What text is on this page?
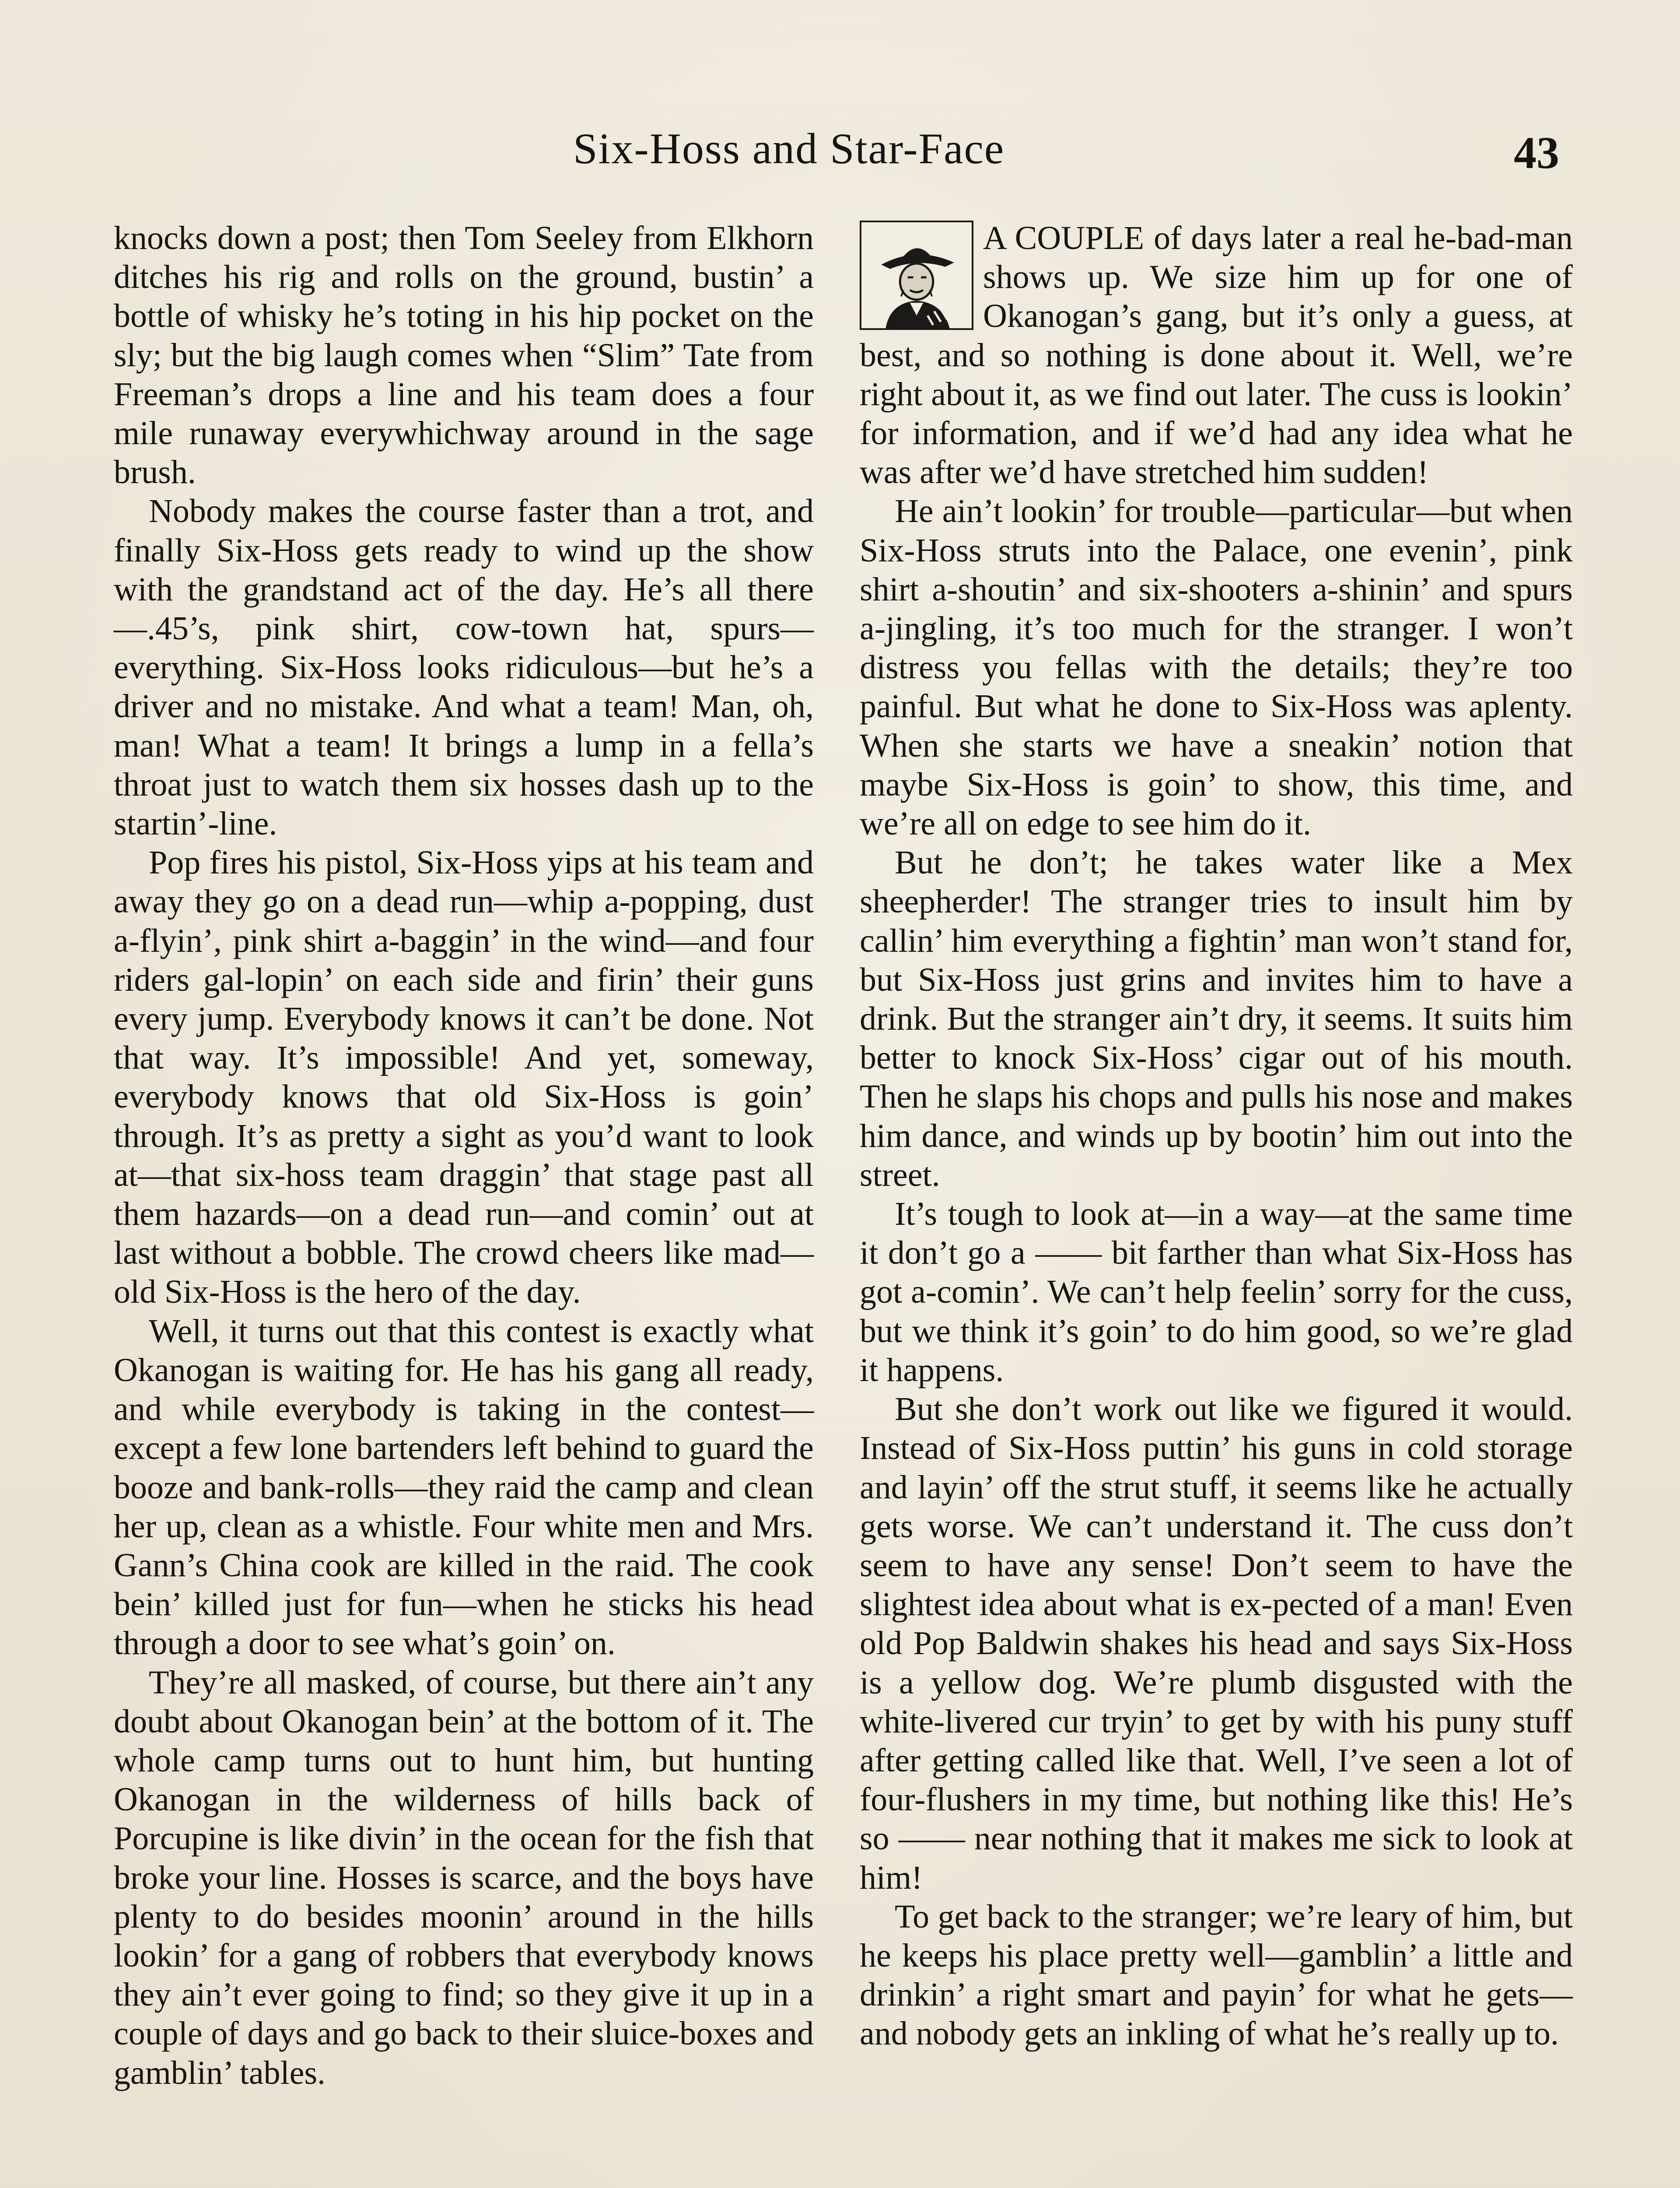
Six-Hoss and Star-Face	43

knocks down a post; then Tom Seeley from Elkhorn ditches his rig and rolls on the ground, bustin’ a bottle of whisky he’s toting in his hip pocket on the sly; but the big laugh comes when “Slim” Tate from Freeman’s drops a line and his team does a four mile runaway everywhichway around in the sage brush.

Nobody makes the course faster than a trot, and finally Six-Hoss gets ready to wind up the show with the grandstand act of the day. He’s all there—.45’s, pink shirt, cow-town hat, spurs—everything. Six-Hoss looks ridiculous—but he’s a driver and no mistake. And what a team! Man, oh, man! What a team! It brings a lump in a fella’s throat just to watch them six hosses dash up to the startin’-line.

Pop fires his pistol, Six-Hoss yips at his team and away they go on a dead run—whip a-popping, dust a-flyin’, pink shirt a-baggin’ in the wind—and four riders gal-lopin’ on each side and firin’ their guns every jump. Everybody knows it can’t be done. Not that way. It’s impossible! And yet, someway, everybody knows that old Six-Hoss is goin’ through. It’s as pretty a sight as you’d want to look at—that six-hoss team draggin’ that stage past all them hazards—on a dead run—and comin’ out at last without a bobble. The crowd cheers like mad—old Six-Hoss is the hero of the day.

Well, it turns out that this contest is exactly what Okanogan is waiting for. He has his gang all ready, and while everybody is taking in the contest—except a few lone bartenders left behind to guard the booze and bank-rolls—they raid the camp and clean her up, clean as a whistle. Four white men and Mrs. Gann’s China cook are killed in the raid. The cook bein’ killed just for fun—when he sticks his head through a door to see what’s goin’ on.

They’re all masked, of course, but there ain’t any doubt about Okanogan bein’ at the bottom of it. The whole camp turns out to hunt him, but hunting Okanogan in the wilderness of hills back of Porcupine is like divin’ in the ocean for the fish that broke your line. Hosses is scarce, and the boys have plenty to do besides moonin’ around in the hills lookin’ for a gang of robbers that everybody knows they ain’t ever going to find; so they give it up in a couple of days and go back to their sluice-boxes and gamblin’ tables.

A COUPLE of days later a real he-bad-man shows up. We size him up for one of Okanogan’s gang, but it’s only a guess, at best, and so nothing is done about it. Well, we’re right about it, as we find out later. The cuss is lookin’ for information, and if we’d had any idea what he was after we’d have stretched him sudden!

He ain’t lookin’ for trouble—particular—but when Six-Hoss struts into the Palace, one evenin’, pink shirt a-shoutin’ and six-shooters a-shinin’ and spurs a-jingling, it’s too much for the stranger. I won’t distress you fellas with the details; they’re too painful. But what he done to Six-Hoss was aplenty. When she starts we have a sneakin’ notion that maybe Six-Hoss is goin’ to show, this time, and we’re all on edge to see him do it.

But he don’t; he takes water like a Mex sheepherder! The stranger tries to insult him by callin’ him everything a fightin’ man won’t stand for, but Six-Hoss just grins and invites him to have a drink. But the stranger ain’t dry, it seems. It suits him better to knock Six-Hoss’ cigar out of his mouth. Then he slaps his chops and pulls his nose and makes him dance, and winds up by bootin’ him out into the street.

It’s tough to look at—in a way—at the same time it don’t go a —— bit farther than what Six-Hoss has got a-comin’. We can’t help feelin’ sorry for the cuss, but we think it’s goin’ to do him good, so we’re glad it happens.

But she don’t work out like we figured it would. Instead of Six-Hoss puttin’ his guns in cold storage and layin’ off the strut stuff, it seems like he actually gets worse. We can’t understand it. The cuss don’t seem to have any sense! Don’t seem to have the slightest idea about what is ex-pected of a man! Even old Pop Baldwin shakes his head and says Six-Hoss is a yellow dog. We’re plumb disgusted with the white-livered cur tryin’ to get by with his puny stuff after getting called like that. Well, I’ve seen a lot of four-flushers in my time, but nothing like this! He’s so —— near nothing that it makes me sick to look at him!

To get back to the stranger; we’re leary of him, but he keeps his place pretty well—gamblin’ a little and drinkin’ a right smart and payin’ for what he gets—and nobody gets an inkling of what he’s really up to.
